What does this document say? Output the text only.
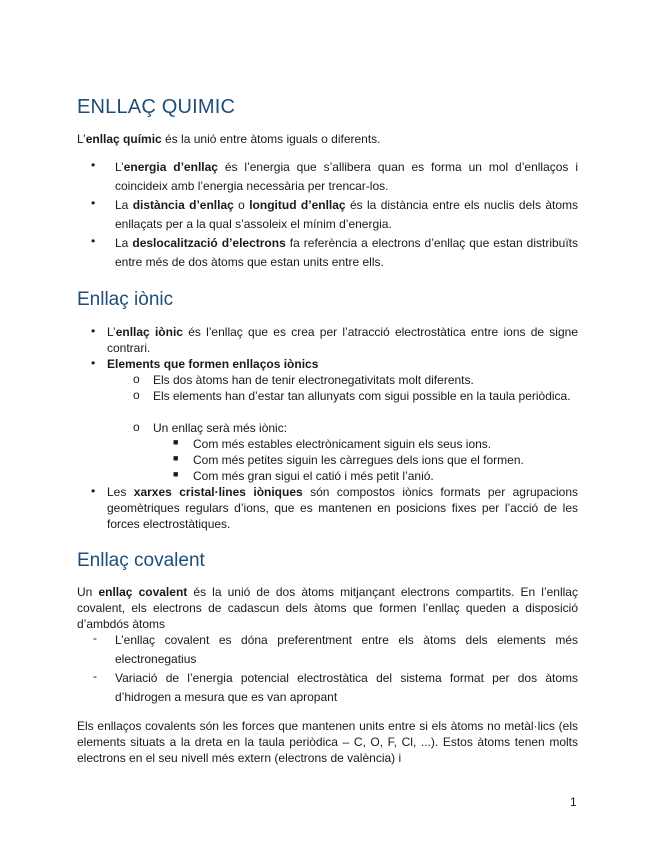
ENLLAÇ QUIMIC
L’enllaç químic és la unió entre àtoms iguals o diferents.
• L’energia d’enllaç és l’energia que s’allibera quan es forma un mol d’enllaços i coincideix amb l’energia necessària per trencar-los.
• La distància d’enllaç o longitud d’enllaç és la distància entre els nuclis dels àtoms enllaçats per a la qual s’assoleix el mínim d’energia.
• La deslocalització d’electrons fa referència a electrons d’enllaç que estan distribuïts entre més de dos àtoms que estan units entre ells.
Enllaç iònic
• L’enllaç iònic és l’enllaç que es crea per l’atracció electrostàtica entre ions de signe contrari.
• Elements que formen enllaços iònics
o Els dos àtoms han de tenir electronegativitats molt diferents.
o Els elements han d’estar tan allunyats com sigui possible en la taula periòdica.
o Un enllaç serà més iònic:
■ Com més estables electrònicament siguin els seus ions.
■ Com més petites siguin les càrregues dels ions que el formen.
■ Com més gran sigui el catió i més petit l’anió.
• Les xarxes cristal·lines iòniques són compostos iònics formats per agrupacions geomètriques regulars d’ions, que es mantenen en posicions fixes per l’acció de les forces electrostàtiques.
Enllaç covalent
Un enllaç covalent és la unió de dos àtoms mitjançant electrons compartits. En l’enllaç covalent, els electrons de cadascun dels àtoms que formen l’enllaç queden a disposició d’ambdós àtoms
- L’enllaç covalent es dóna preferentment entre els àtoms dels elements més electronegatius
- Variació de l’energia potencial electrostàtica del sistema format per dos àtoms d’hidrogen a mesura que es van apropant
Els enllaços covalents són les forces que mantenen units entre si els àtoms no metàl·lics (els elements situats a la dreta en la taula periòdica – C, O, F, Cl, ...). Estos àtoms tenen molts electrons en el seu nivell més extern (electrons de valència) i
1
